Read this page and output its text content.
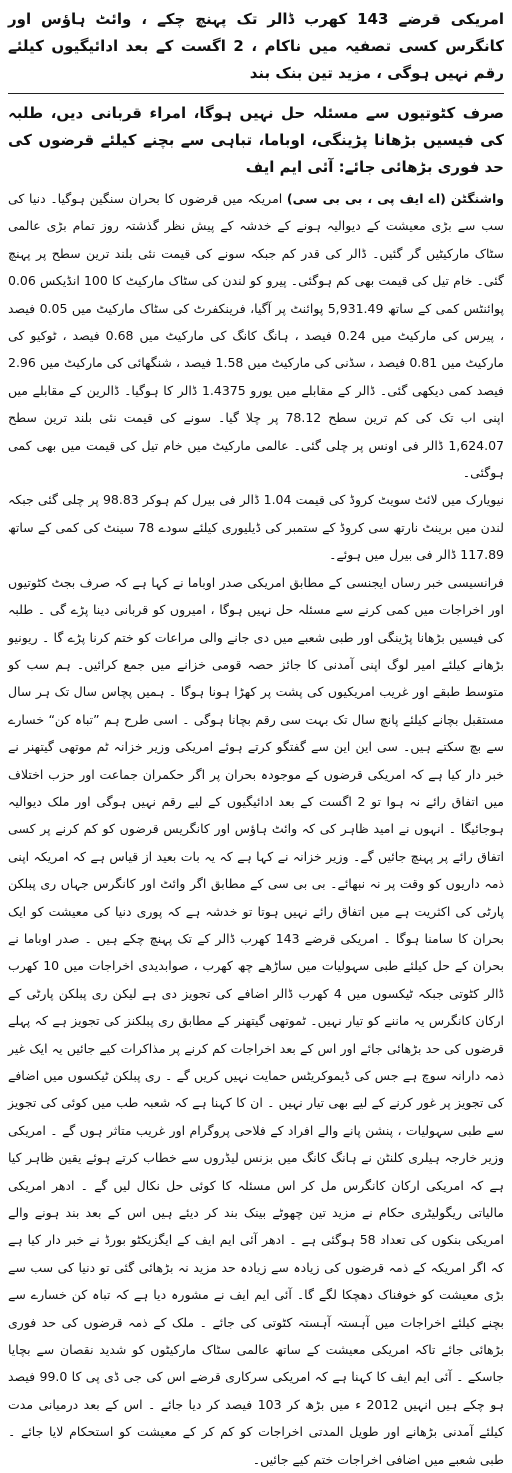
امریکی قرضے 143 کھرب ڈالر تک پہنچ چکے ، وائٹ ہاؤس اور کانگرس کسی تصفیہ میں ناکام ، 2 اگست کے بعد ادائیگیوں کیلئے رقم نہیں ہوگی ، مزید تین بنک بند
صرف کٹوتیوں سے مسئلہ حل نہیں ہوگا، امراء قربانی دیں، طلبہ کی فیسیں بڑھانا پڑینگی، اوباما، تباہی سے بچنے کیلئے قرضوں کی حد فوری بڑھائی جائے: آئی ایم ایف

واشنگٹن (اے ایف پی ، بی بی سی) امریکہ میں قرضوں کا بحران سنگین ہوگیا۔ دنیا کی سب سے بڑی معیشت کے دیوالیہ ہونے کے خدشہ کے پیش نظر گذشتہ روز تمام بڑی عالمی سٹاک مارکیٹیں گر گئیں۔ ڈالر کی قدر کم جبکہ سونے کی قیمت نئی بلند ترین سطح پر پہنچ گئی۔ خام تیل کی قیمت بھی کم ہوگئی۔ پیرو کو لندن کی سٹاک مارکیٹ کا 100 انڈیکس 0.06 پوائنٹس کمی کے ساتھ 5,931.49 پوائنٹ پر آگیا، فرینکفرٹ کی سٹاک مارکیٹ میں 0.05 فیصد ، پیرس کی مارکیٹ میں 0.24 فیصد ، ہانگ کانگ کی مارکیٹ میں 0.68 فیصد ، ٹوکیو کی مارکیٹ میں 0.81 فیصد ، سڈنی کی مارکیٹ میں 1.58 فیصد ، شنگھائی کی مارکیٹ میں 2.96 فیصد کمی دیکھی گئی۔ ڈالر کے مقابلے میں یورو 1.4375 ڈالر کا ہوگیا۔ ڈالرین کے مقابلے میں اپنی اب تک کی کم ترین سطح 78.12 پر چلا گیا۔ سونے کی قیمت نئی بلند ترین سطح 1,624.07 ڈالر فی اونس پر چلی گئی۔ عالمی مارکیٹ میں خام تیل کی قیمت میں بھی کمی ہوگئی۔

نیویارک میں لائٹ سویٹ کروڈ کی قیمت 1.04 ڈالر فی بیرل کم ہوکر 98.83 پر چلی گئی جبکہ لندن میں برینٹ نارتھ سی کروڈ کے ستمبر کی ڈیلیوری کیلئے سودے 78 سینٹ کی کمی کے ساتھ 117.89 ڈالر فی بیرل میں ہوئے۔

فرانسیسی خبر رساں ایجنسی کے مطابق امریکی صدر اوباما نے کہا ہے کہ صرف بجٹ کٹوتیوں اور اخراجات میں کمی کرنے سے مسئلہ حل نہیں ہوگا ، امیروں کو قربانی دینا پڑے گی ۔ طلبہ کی فیسیں بڑھانا پڑینگی اور طبی شعبے میں دی جانے والی مراعات کو ختم کرنا پڑے گا ۔ ریونیو بڑھانے کیلئے امیر لوگ اپنی آمدنی کا جائز حصہ قومی خزانے میں جمع کرائیں۔ ہم سب کو متوسط طبقے اور غریب امریکیوں کی پشت پر کھڑا ہونا ہوگا ۔ ہمیں پچاس سال تک ہر سال مستقبل بچانے کیلئے پانچ سال تک بہت سی رقم بچانا ہوگی ۔ اسی طرح ہم ”تباہ کن“ خسارے سے بچ سکتے ہیں۔ سی این این سے گفتگو کرتے ہوئے امریکی وزیر خزانہ ٹم موتھی گیتھنر نے خبر دار کیا ہے کہ امریکی قرضوں کے موجودہ بحران پر اگر حکمران جماعت اور حزب اختلاف میں اتفاق رائے نہ ہوا تو 2 اگست کے بعد ادائیگیوں کے لیے رقم نہیں ہوگی اور ملک دیوالیہ ہوجائیگا ۔ انہوں نے امید ظاہر کی کہ وائٹ ہاؤس اور کانگریس قرضوں کو کم کرنے پر کسی اتفاق رائے پر پہنچ جائیں گے۔ وزیر خزانہ نے کہا ہے کہ یہ بات بعید از قیاس ہے کہ امریکہ اپنی ذمہ داریوں کو وقت پر نہ نبھائے۔ بی بی سی کے مطابق اگر وائٹ اور کانگرس جہاں ری پبلکن پارٹی کی اکثریت ہے میں اتفاق رائے نہیں ہوتا تو خدشہ ہے کہ پوری دنیا کی معیشت کو ایک بحران کا سامنا ہوگا ۔ امریکی قرضے 143 کھرب ڈالر کے تک پہنچ چکے ہیں ۔ صدر اوباما نے بحران کے حل کیلئے طبی سہولیات میں ساڑھے چھ کھرب ، صوابدیدی اخراجات میں 10 کھرب ڈالر کٹوتی جبکہ ٹیکسوں میں 4 کھرب ڈالر اضافے کی تجویز دی ہے لیکن ری پبلکن پارٹی کے ارکان کانگرس یہ ماننے کو تیار نہیں۔ ٹموتھی گیتھنر کے مطابق ری پبلکنز کی تجویز ہے کہ پہلے قرضوں کی حد بڑھائی جائے اور اس کے بعد اخراجات کم کرنے پر مذاکرات کیے جائیں یہ ایک غیر ذمہ دارانہ سوچ ہے جس کی ڈیموکریٹس حمایت نہیں کریں گے ۔ ری پبلکن ٹیکسوں میں اضافے کی تجویز پر غور کرنے کے لیے بھی تیار نہیں ۔ ان کا کہنا ہے کہ شعبہ طب میں کوئی کی تجویز سے طبی سہولیات ، پنشن پانے والے افراد کے فلاحی پروگرام اور غریب متاثر ہوں گے ۔ امریکی وزیر خارجہ ہیلری کلنٹن نے ہانگ کانگ میں بزنس لیڈروں سے خطاب کرتے ہوئے یقین ظاہر کیا ہے کہ امریکی ارکان کانگرس مل کر اس مسئلہ کا کوئی حل نکال لیں گے ۔ ادھر امریکی مالیاتی ریگولیٹری حکام نے مزید تین چھوٹے بینک بند کر دیئے ہیں اس کے بعد بند ہونے والے امریکی بنکوں کی تعداد 58 ہوگئی ہے ۔ ادھر آئی ایم ایف کے ایگزیکٹو بورڈ نے خبر دار کیا ہے کہ اگر امریکہ کے ذمہ قرضوں کی زیادہ سے زیادہ حد مزید نہ بڑھائی گئی تو دنیا کی سب سے بڑی معیشت کو خوفناک دھچکا لگے گا۔ آئی ایم ایف نے مشورہ دیا ہے کہ تباہ کن خسارے سے بچنے کیلئے اخراجات میں آہستہ آہستہ کٹوتی کی جائے ۔ ملک کے ذمہ قرضوں کی حد فوری بڑھائی جائے تاکہ امریکی معیشت کے ساتھ عالمی سٹاک مارکیٹوں کو شدید نقصان سے بچایا جاسکے ۔ آئی ایم ایف کا کہنا ہے کہ امریکی سرکاری قرضے اس کی جی ڈی پی کا 99.0 فیصد ہو چکے ہیں انہیں 2012 ء میں بڑھ کر 103 فیصد کر دیا جائے ۔ اس کے بعد درمیانی مدت کیلئے آمدنی بڑھانے اور طویل المدتی اخراجات کو کم کر کے معیشت کو استحکام لایا جائے ۔ طبی شعبے میں اضافی اخراجات ختم کیے جائیں۔
